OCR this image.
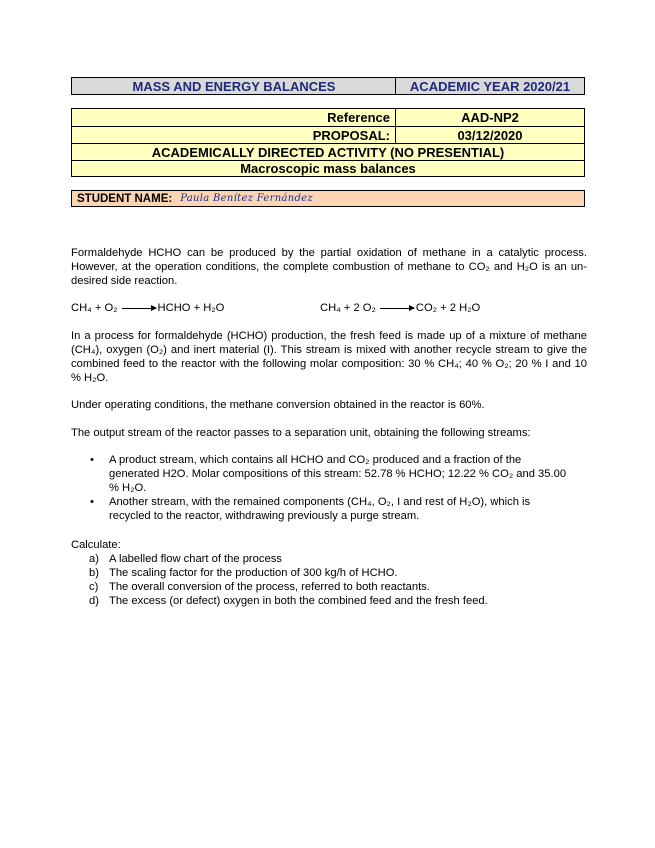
MASS AND ENERGY BALANCES	ACADEMIC YEAR 2020/21
Reference	AAD-NP2
PROPOSAL:	03/12/2020
ACADEMICALLY DIRECTED ACTIVITY (NO PRESENTIAL)
Macroscopic mass balances
STUDENT NAME: Paula Benítez Fernández
Formaldehyde HCHO can be produced by the partial oxidation of methane in a catalytic process. However, at the operation conditions, the complete combustion of methane to CO₂ and H₂O is an un-desired side reaction.
CH₄ + O₂	HCHO + H₂O	CH₄ + 2 O₂	CO₂ + 2 H₂O
In a process for formaldehyde (HCHO) production, the fresh feed is made up of a mixture of methane (CH₄), oxygen (O₂) and inert material (I). This stream is mixed with another recycle stream to give the combined feed to the reactor with the following molar composition: 30 % CH₄; 40 % O₂; 20 % I and 10 % H₂O.
Under operating conditions, the methane conversion obtained in the reactor is 60%.
The output stream of the reactor passes to a separation unit, obtaining the following streams:
• A product stream, which contains all HCHO and CO₂ produced and a fraction of the generated H2O. Molar compositions of this stream: 52.78 % HCHO; 12.22 % CO₂ and 35.00 % H₂O.
• Another stream, with the remained components (CH₄, O₂, I and rest of H₂O), which is recycled to the reactor, withdrawing previously a purge stream.
Calculate:
a) A labelled flow chart of the process
b) The scaling factor for the production of 300 kg/h of HCHO.
c) The overall conversion of the process, referred to both reactants.
d) The excess (or defect) oxygen in both the combined feed and the fresh feed.
